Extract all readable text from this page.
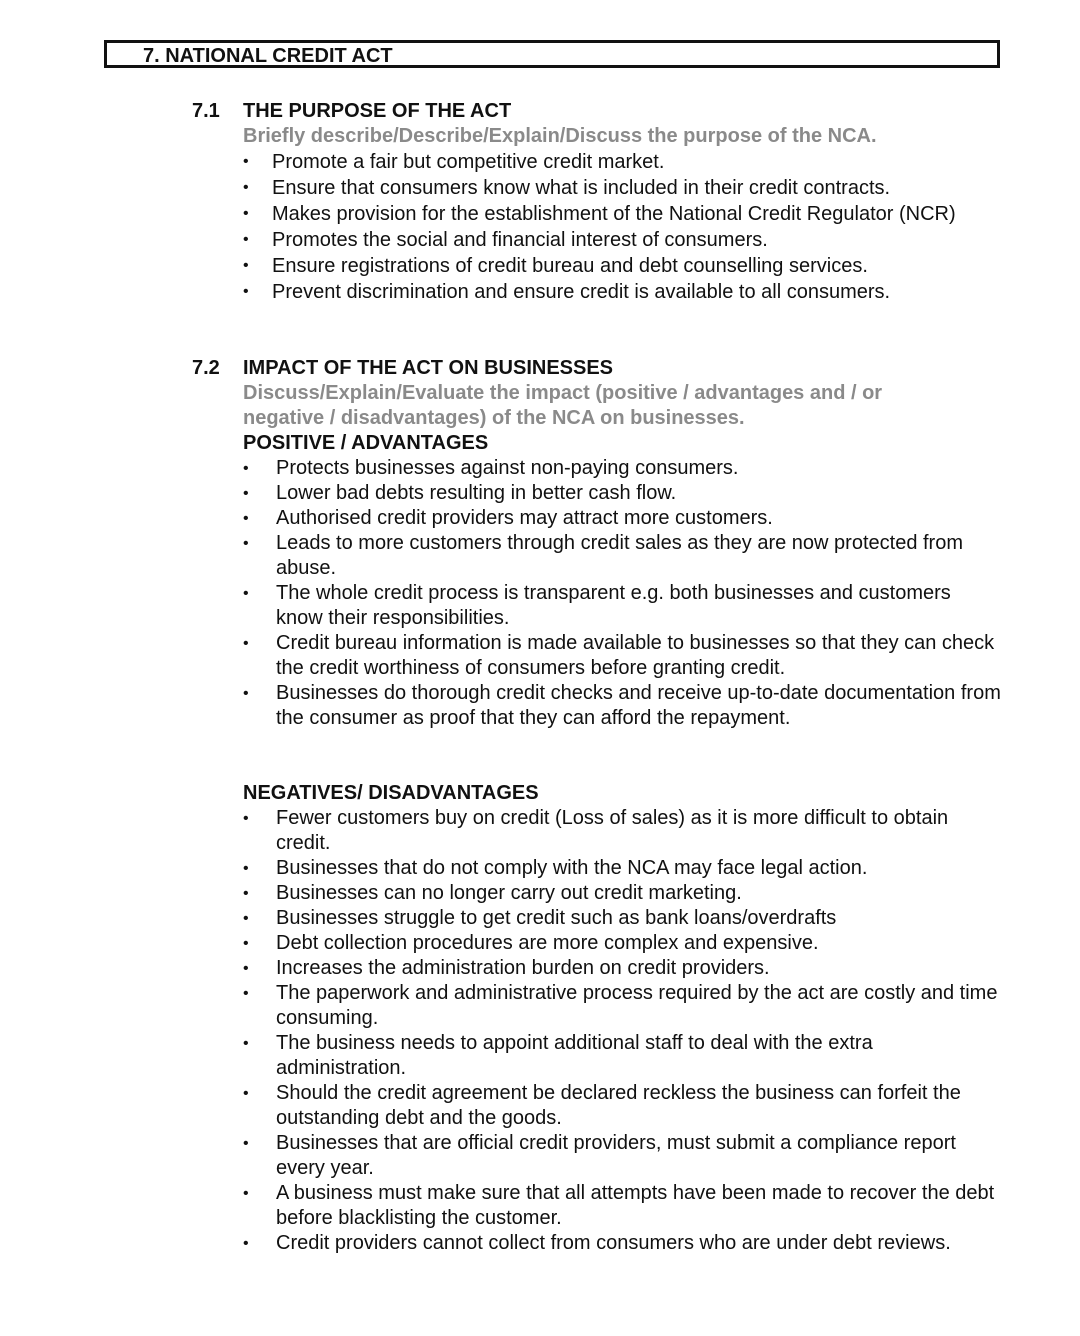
7. NATIONAL CREDIT ACT
7.1 THE PURPOSE OF THE ACT
Briefly describe/Describe/Explain/Discuss the purpose of the NCA.
• Promote a fair but competitive credit market.
• Ensure that consumers know what is included in their credit contracts.
• Makes provision for the establishment of the National Credit Regulator (NCR)
• Promotes the social and financial interest of consumers.
• Ensure registrations of credit bureau and debt counselling services.
• Prevent discrimination and ensure credit is available to all consumers.
7.2 IMPACT OF THE ACT ON BUSINESSES
Discuss/Explain/Evaluate the impact (positive / advantages and / or negative / disadvantages) of the NCA on businesses.
POSITIVE / ADVANTAGES
• Protects businesses against non-paying consumers.
• Lower bad debts resulting in better cash flow.
• Authorised credit providers may attract more customers.
• Leads to more customers through credit sales as they are now protected from abuse.
• The whole credit process is transparent e.g. both businesses and customers know their responsibilities.
• Credit bureau information is made available to businesses so that they can check the credit worthiness of consumers before granting credit.
• Businesses do thorough credit checks and receive up-to-date documentation from the consumer as proof that they can afford the repayment.
NEGATIVES/ DISADVANTAGES
• Fewer customers buy on credit (Loss of sales) as it is more difficult to obtain credit.
• Businesses that do not comply with the NCA may face legal action.
• Businesses can no longer carry out credit marketing.
• Businesses struggle to get credit such as bank loans/overdrafts
• Debt collection procedures are more complex and expensive.
• Increases the administration burden on credit providers.
• The paperwork and administrative process required by the act are costly and time consuming.
• The business needs to appoint additional staff to deal with the extra administration.
• Should the credit agreement be declared reckless the business can forfeit the outstanding debt and the goods.
• Businesses that are official credit providers, must submit a compliance report every year.
• A business must make sure that all attempts have been made to recover the debt before blacklisting the customer.
• Credit providers cannot collect from consumers who are under debt reviews.
